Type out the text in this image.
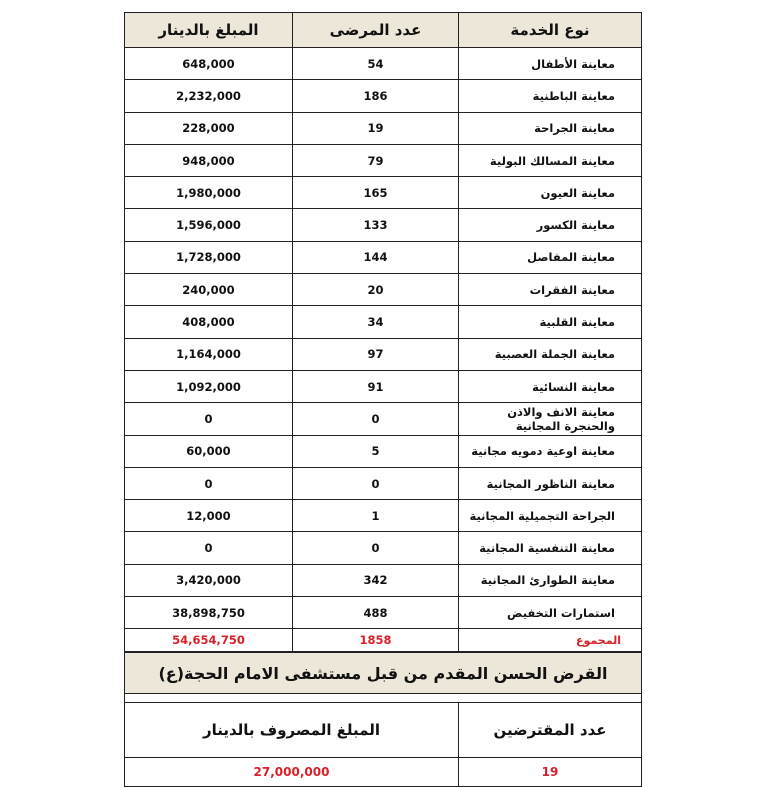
المبلغ بالدينار	عدد المرضى	نوع الخدمة
648,000	54	معاينة الأطفال
2,232,000	186	معاينة الباطنية
228,000	19	معاينة الجراحة
948,000	79	معاينة المسالك البولية
1,980,000	165	معاينة العيون
1,596,000	133	معاينة الكسور
1,728,000	144	معاينة المفاصل
240,000	20	معاينة الفقرات
408,000	34	معاينة القلبية
1,164,000	97	معاينة الجملة العصبية
1,092,000	91	معاينة النسائية
0	0	معاينة الانف والاذن والحنجرة المجانية
60,000	5	معاينة اوعية دمويه مجانية
0	0	معاينة الناظور المجانية
12,000	1	الجراحة التجميلية المجانية
0	0	معاينة التنفسية المجانية
3,420,000	342	معاينة الطوارئ المجانية
38,898,750	488	استمارات التخفيض
54,654,750	1858	المجموع
القرض الحسن المقدم من قبل مستشفى الامام الحجة(ع)	

المبلغ المصروف بالدينار	عدد المقترضين
27,000,000	19
